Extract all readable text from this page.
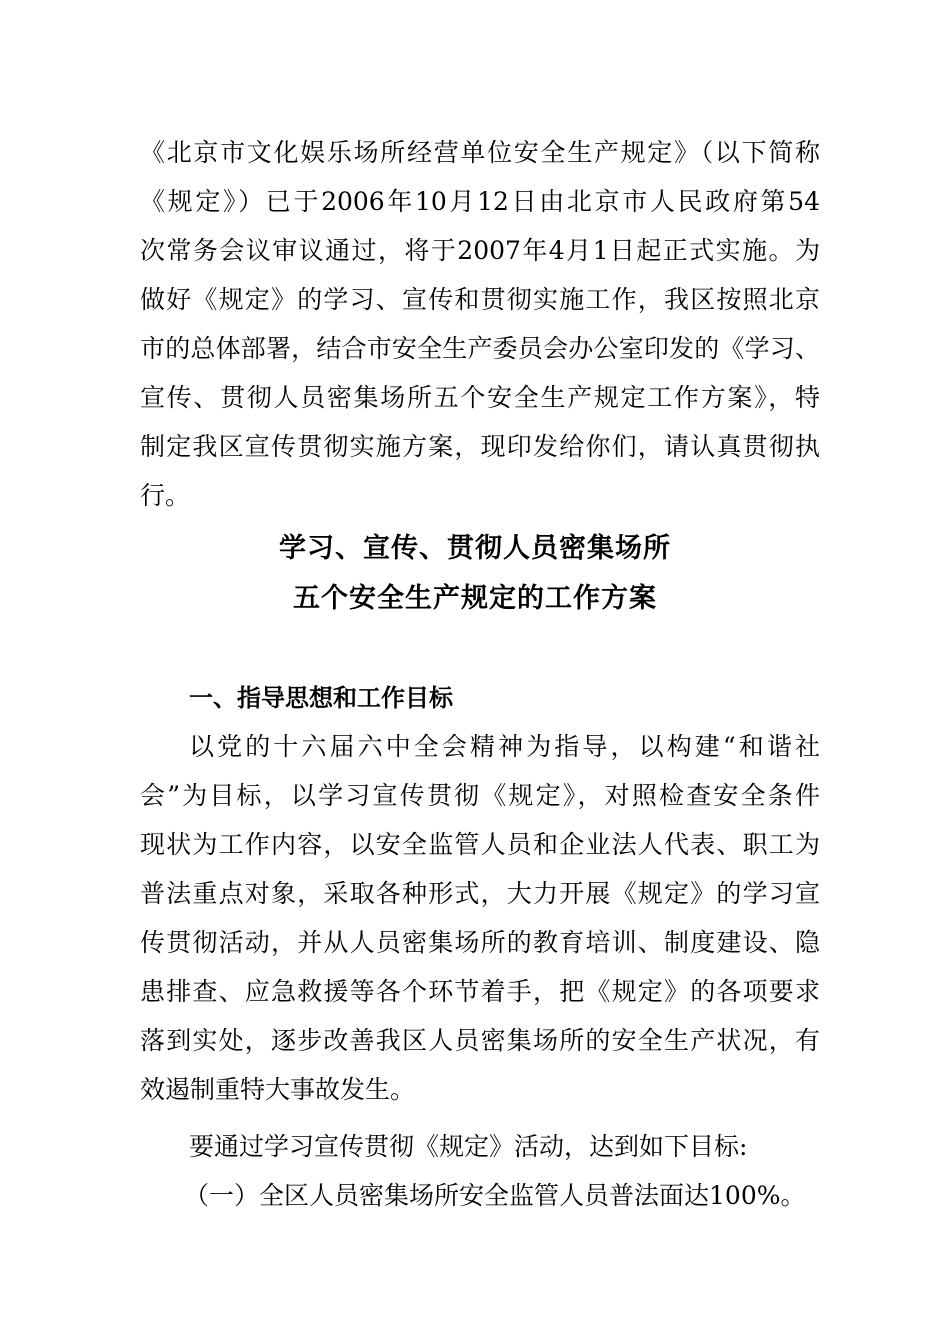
《北京市文化娱乐场所经营单位安全生产规定》（以下简称
《规定》）已于2006年10月12日由北京市人民政府第54
次常务会议审议通过，将于2007年4月1日起正式实施。为
做好《规定》的学习、宣传和贯彻实施工作，我区按照北京
市的总体部署，结合市安全生产委员会办公室印发的《学习、
宣传、贯彻人员密集场所五个安全生产规定工作方案》，特
制定我区宣传贯彻实施方案，现印发给你们，请认真贯彻执
行。
学习、宣传、贯彻人员密集场所
五个安全生产规定的工作方案
一、指导思想和工作目标
以党的十六届六中全会精神为指导，以构建“和谐社
会”为目标，以学习宣传贯彻《规定》，对照检查安全条件
现状为工作内容，以安全监管人员和企业法人代表、职工为
普法重点对象，采取各种形式，大力开展《规定》的学习宣
传贯彻活动，并从人员密集场所的教育培训、制度建设、隐
患排查、应急救援等各个环节着手，把《规定》的各项要求
落到实处，逐步改善我区人员密集场所的安全生产状况，有
效遏制重特大事故发生。
要通过学习宣传贯彻《规定》活动，达到如下目标:
（一）全区人员密集场所安全监管人员普法面达100%。
